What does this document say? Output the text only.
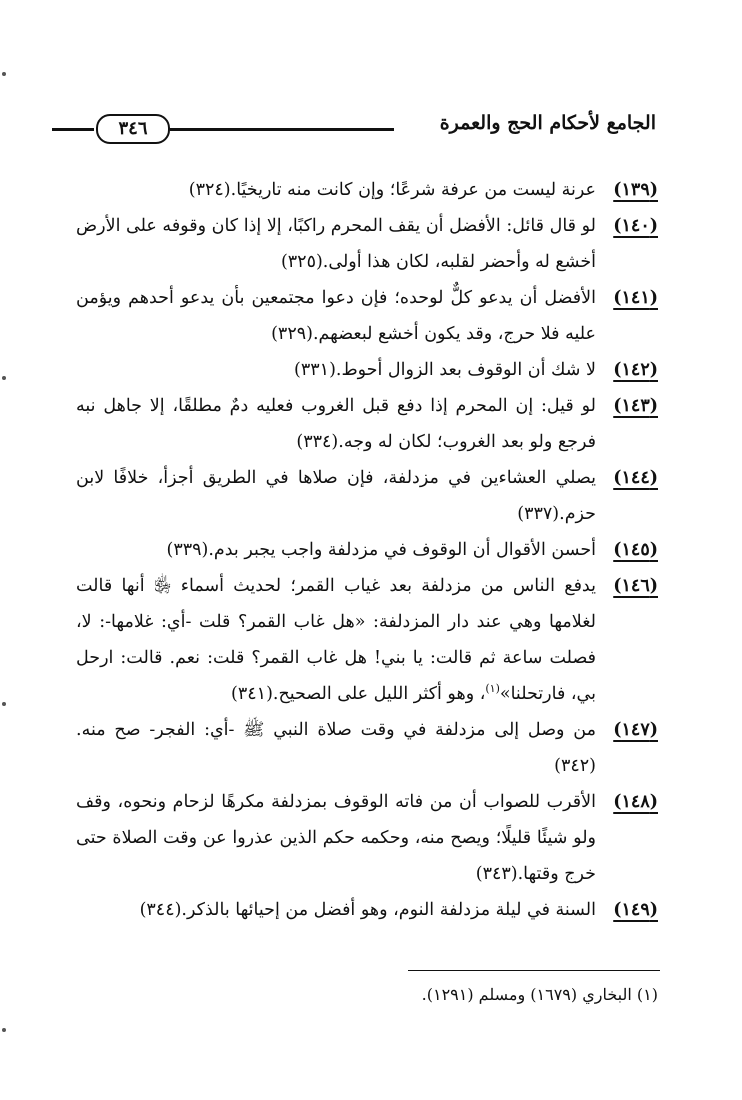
الجامع لأحكام الحج والعمرة
٣٤٦
(١٣٩)
عرنة ليست من عرفة شرعًا؛ وإن كانت منه تاريخيًا.(٣٢٤)
(١٤٠)
لو قال قائل: الأفضل أن يقف المحرم راكبًا، إلا إذا كان وقوفه على الأرض أخشع له وأحضر لقلبه، لكان هذا أولى.(٣٢٥)
(١٤١)
الأفضل أن يدعو كلٌّ لوحده؛ فإن دعوا مجتمعين بأن يدعو أحدهم ويؤمن عليه فلا حرج، وقد يكون أخشع لبعضهم.(٣٢٩)
(١٤٢)
لا شك أن الوقوف بعد الزوال أحوط.(٣٣١)
(١٤٣)
لو قيل: إن المحرم إذا دفع قبل الغروب فعليه دمٌ مطلقًا، إلا جاهل نبه فرجع ولو بعد الغروب؛ لكان له وجه.(٣٣٤)
(١٤٤)
يصلي العشاءين في مزدلفة، فإن صلاها في الطريق أجزأ، خلافًا لابن حزم.(٣٣٧)
(١٤٥)
أحسن الأقوال أن الوقوف في مزدلفة واجب يجبر بدم.(٣٣٩)
(١٤٦)
يدفع الناس من مزدلفة بعد غياب القمر؛ لحديث أسماء ﵂ أنها قالت لغلامها وهي عند دار المزدلفة: «هل غاب القمر؟ قلت -أي: غلامها-: لا، فصلت ساعة ثم قالت: يا بني! هل غاب القمر؟ قلت: نعم. قالت: ارحل بي، فارتحلنا»$^{(١)}$، وهو أكثر الليل على الصحيح.(٣٤١)
(١٤٧)
من وصل إلى مزدلفة في وقت صلاة النبي ﷺ -أي: الفجر- صح منه.(٣٤٢)
(١٤٨)
الأقرب للصواب أن من فاته الوقوف بمزدلفة مكرهًا لزحام ونحوه، وقف ولو شيئًا قليلًا؛ ويصح منه، وحكمه حكم الذين عذروا عن وقت الصلاة حتى خرج وقتها.(٣٤٣)
(١٤٩)
السنة في ليلة مزدلفة النوم، وهو أفضل من إحيائها بالذكر.(٣٤٤)
(١) البخاري (١٦٧٩) ومسلم (١٢٩١).
